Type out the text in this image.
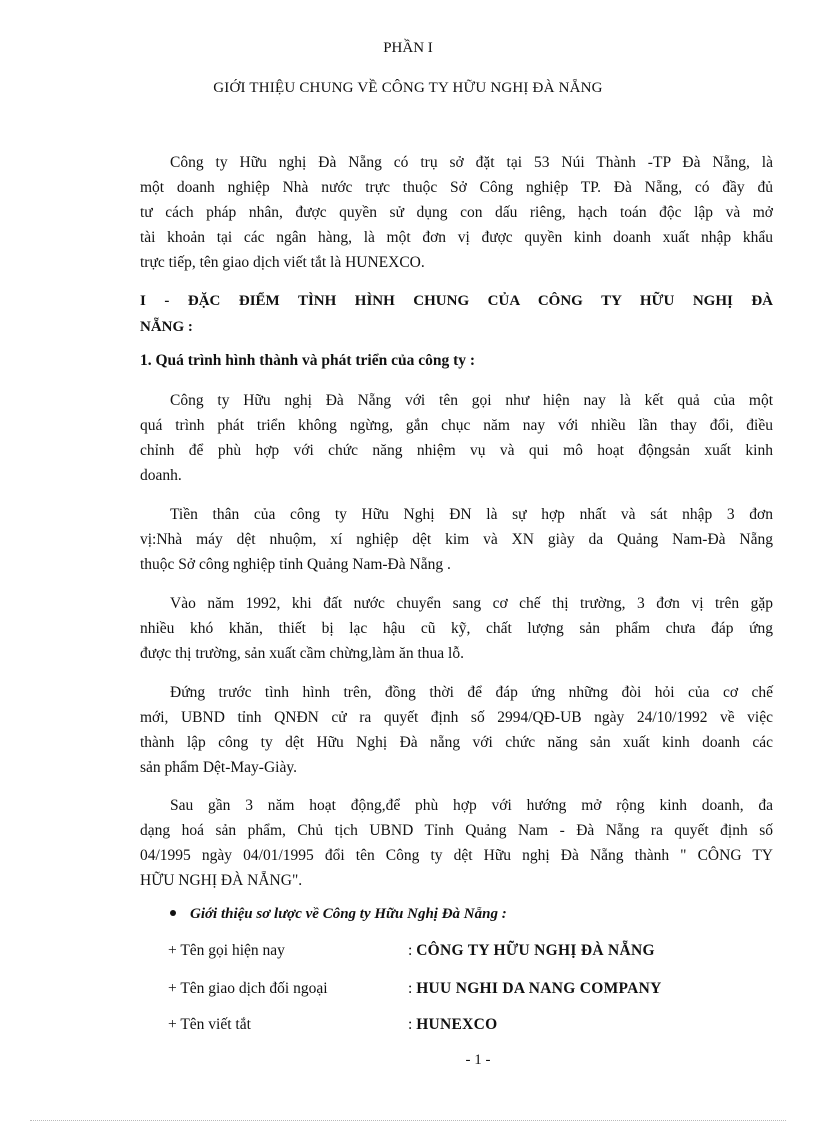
PHẦN I
GIỚI THIỆU CHUNG VỀ CÔNG TY HỮU NGHỊ ĐÀ NẴNG
Công ty Hữu nghị Đà Nẵng có trụ sở đặt tại 53 Núi Thành -TP Đà Nẵng, là
một doanh nghiệp Nhà nước trực thuộc Sở Công nghiệp TP. Đà Nẵng, có đầy đủ
tư cách pháp nhân, được quyền sử dụng con dấu riêng, hạch toán độc lập và mở
tài khoản tại các ngân hàng, là một đơn vị được quyền kinh doanh xuất nhập khẩu
trực tiếp, tên giao dịch viết tắt là HUNEXCO.
I - ĐẶC ĐIỂM TÌNH HÌNH CHUNG CỦA CÔNG TY HỮU NGHỊ ĐÀ
NẴNG :
1. Quá trình hình thành và phát triển của công ty :
Công ty Hữu nghị Đà Nẵng với tên gọi như hiện nay là kết quả của một
quá trình phát triển không ngừng, gắn chục năm nay với nhiều lần thay đổi, điều
chỉnh để phù hợp với chức năng nhiệm vụ và qui mô hoạt độngsản xuất kinh
doanh.
Tiền thân của công ty Hữu Nghị ĐN là sự hợp nhất và sát nhập 3 đơn
vị:Nhà máy dệt nhuộm, xí nghiệp dệt kim và XN giày da Quảng Nam-Đà Nẵng
thuộc Sở công nghiệp tỉnh Quảng Nam-Đà Nẵng .
Vào năm 1992, khi đất nước chuyển sang cơ chế thị trường, 3 đơn vị trên gặp
nhiều khó khăn, thiết bị lạc hậu cũ kỹ, chất lượng sản phẩm chưa đáp ứng
được thị trường, sản xuất cầm chừng,làm ăn thua lỗ.
Đứng trước tình hình trên, đồng thời để đáp ứng những đòi hỏi của cơ chế
mới, UBND tỉnh QNĐN cử ra quyết định số 2994/QĐ-UB ngày 24/10/1992 về việc
thành lập công ty dệt Hữu Nghị Đà nẵng với chức năng sản xuất kinh doanh các
sản phẩm Dệt-May-Giày.
Sau gần 3 năm hoạt động,để phù hợp với hướng mở rộng kinh doanh, đa
dạng hoá sản phẩm, Chủ tịch UBND Tỉnh Quảng Nam - Đà Nẵng ra quyết định số
04/1995 ngày 04/01/1995 đổi tên Công ty dệt Hữu nghị Đà Nẵng thành " CÔNG TY
HỮU NGHỊ ĐÀ NẴNG".
Giới thiệu sơ lược về Công ty Hữu Nghị Đà Nẵng :
+ Tên gọi hiện nay	: CÔNG TY HỮU NGHỊ ĐÀ NẴNG
+ Tên giao dịch đối ngoại	: HUU NGHI DA NANG COMPANY
+ Tên viết tắt	: HUNEXCO
- 1 -
